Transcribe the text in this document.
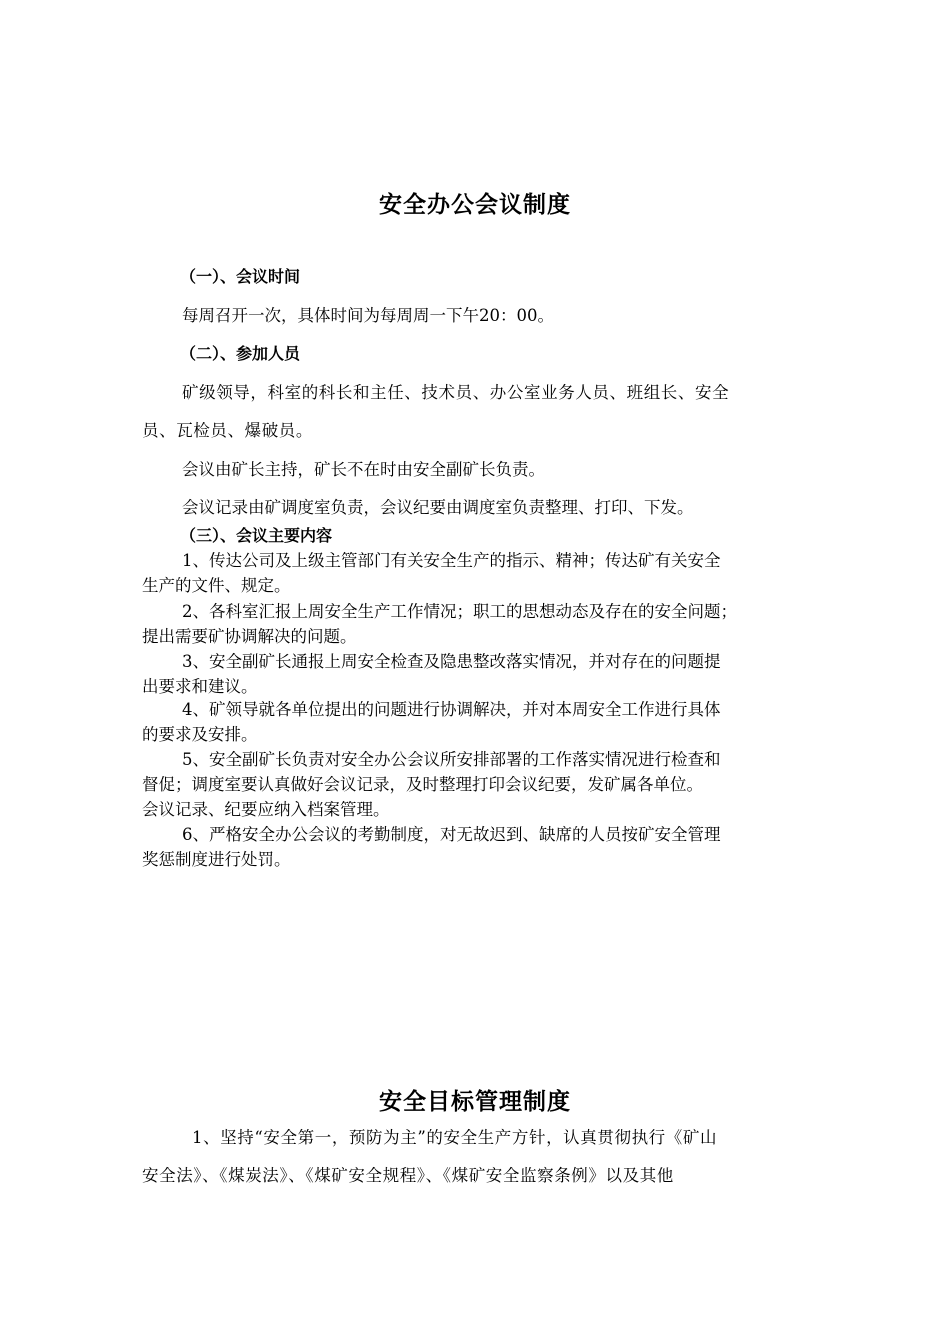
安全办公会议制度
（一）、会议时间
每周召开一次，具体时间为每周周一下午20：00。
（二）、参加人员
矿级领导，科室的科长和主任、技术员、办公室业务人员、班组长、安全
员、瓦检员、爆破员。
会议由矿长主持，矿长不在时由安全副矿长负责。
会议记录由矿调度室负责，会议纪要由调度室负责整理、打印、下发。
（三）、会议主要内容
1、传达公司及上级主管部门有关安全生产的指示、精神；传达矿有关安全
生产的文件、规定。
2、各科室汇报上周安全生产工作情况；职工的思想动态及存在的安全问题；
提出需要矿协调解决的问题。
3、安全副矿长通报上周安全检查及隐患整改落实情况，并对存在的问题提
出要求和建议。
4、矿领导就各单位提出的问题进行协调解决，并对本周安全工作进行具体
的要求及安排。
5、安全副矿长负责对安全办公会议所安排部署的工作落实情况进行检查和
督促；调度室要认真做好会议记录，及时整理打印会议纪要，发矿属各单位。
会议记录、纪要应纳入档案管理。
6、严格安全办公会议的考勤制度，对无故迟到、缺席的人员按矿安全管理
奖惩制度进行处罚。
安全目标管理制度
1、坚持“安全第一，预防为主”的安全生产方针，认真贯彻执行《矿山
安全法》、《煤炭法》、《煤矿安全规程》、《煤矿安全监察条例》以及其他
